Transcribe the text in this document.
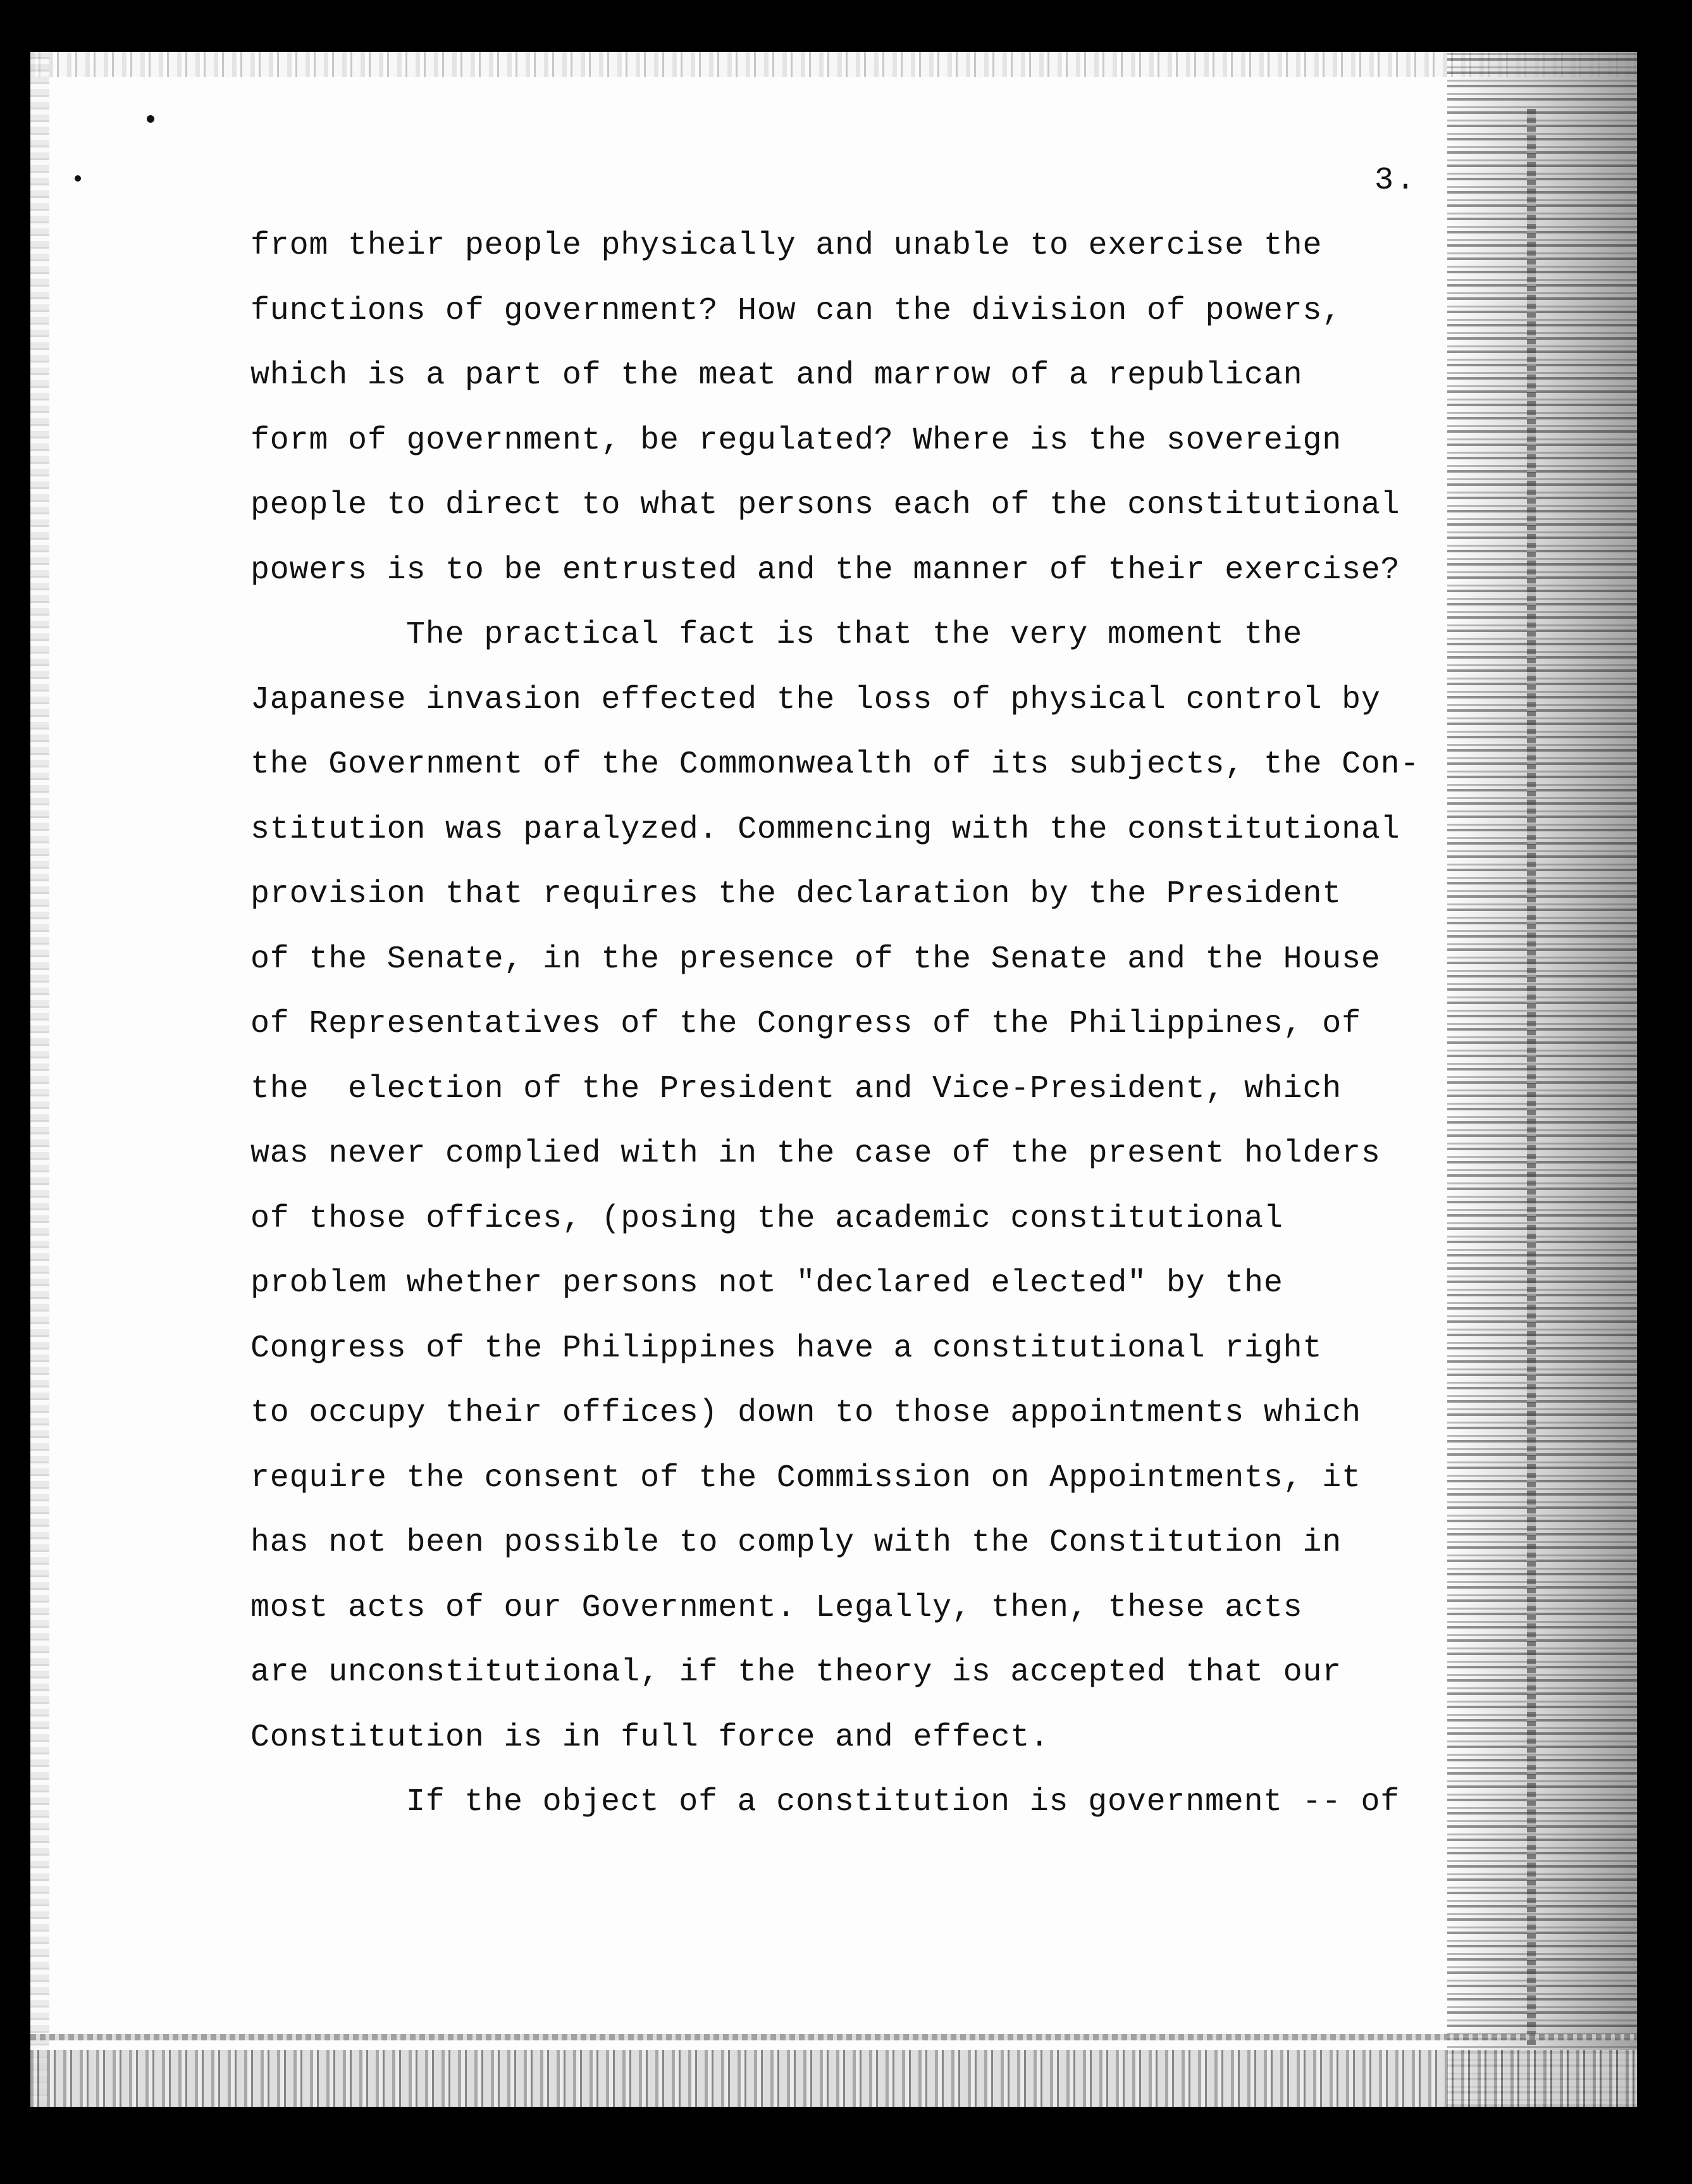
3.
from their people physically and unable to exercise the
functions of government? How can the division of powers,
which is a part of the meat and marrow of a republican
form of government, be regulated? Where is the sovereign
people to direct to what persons each of the constitutional
powers is to be entrusted and the manner of their exercise?
The practical fact is that the very moment the
Japanese invasion effected the loss of physical control by
the Government of the Commonwealth of its subjects, the Con-
stitution was paralyzed. Commencing with the constitutional
provision that requires the declaration by the President
of the Senate, in the presence of the Senate and the House
of Representatives of the Congress of the Philippines, of
the  election of the President and Vice-President, which
was never complied with in the case of the present holders
of those offices, (posing the academic constitutional
problem whether persons not "declared elected" by the
Congress of the Philippines have a constitutional right
to occupy their offices) down to those appointments which
require the consent of the Commission on Appointments, it
has not been possible to comply with the Constitution in
most acts of our Government. Legally, then, these acts
are unconstitutional, if the theory is accepted that our
Constitution is in full force and effect.
If the object of a constitution is government -- of
